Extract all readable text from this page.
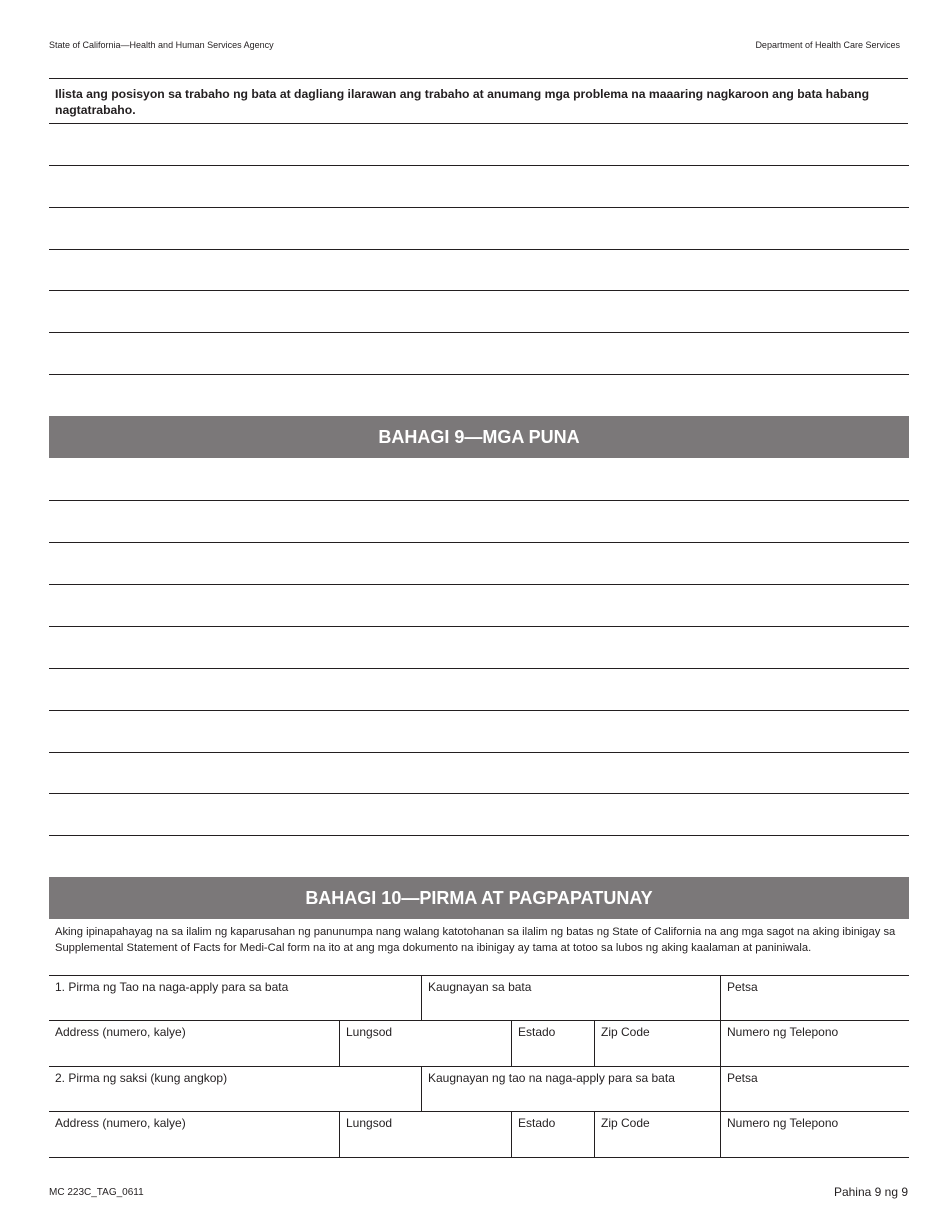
State of California—Health and Human Services Agency	Department of Health Care Services
Ilista ang posisyon sa trabaho ng bata at dagliang ilarawan ang trabaho at anumang mga problema na maaaring nagkaroon ang bata habang nagtatrabaho.
BAHAGI 9—MGA PUNA
BAHAGI 10—PIRMA AT PAGPAPATUNAY
Aking ipinapahayag na sa ilalim ng kaparusahan ng panunumpa nang walang katotohanan sa ilalim ng batas ng State of California na ang mga sagot na aking ibinigay sa Supplemental Statement of Facts for Medi-Cal form na ito at ang mga dokumento na ibinigay ay tama at totoo sa lubos ng aking kaalaman at paniniwala.
1. Pirma ng Tao na naga-apply para sa bata	Kaugnayan sa bata	Petsa
Address (numero, kalye)	Lungsod	Estado	Zip Code	Numero ng Telepono
2. Pirma ng saksi (kung angkop)	Kaugnayan ng tao na naga-apply para sa bata	Petsa
Address (numero, kalye)	Lungsod	Estado	Zip Code	Numero ng Telepono
MC 223C_TAG_0611	Pahina 9 ng 9
